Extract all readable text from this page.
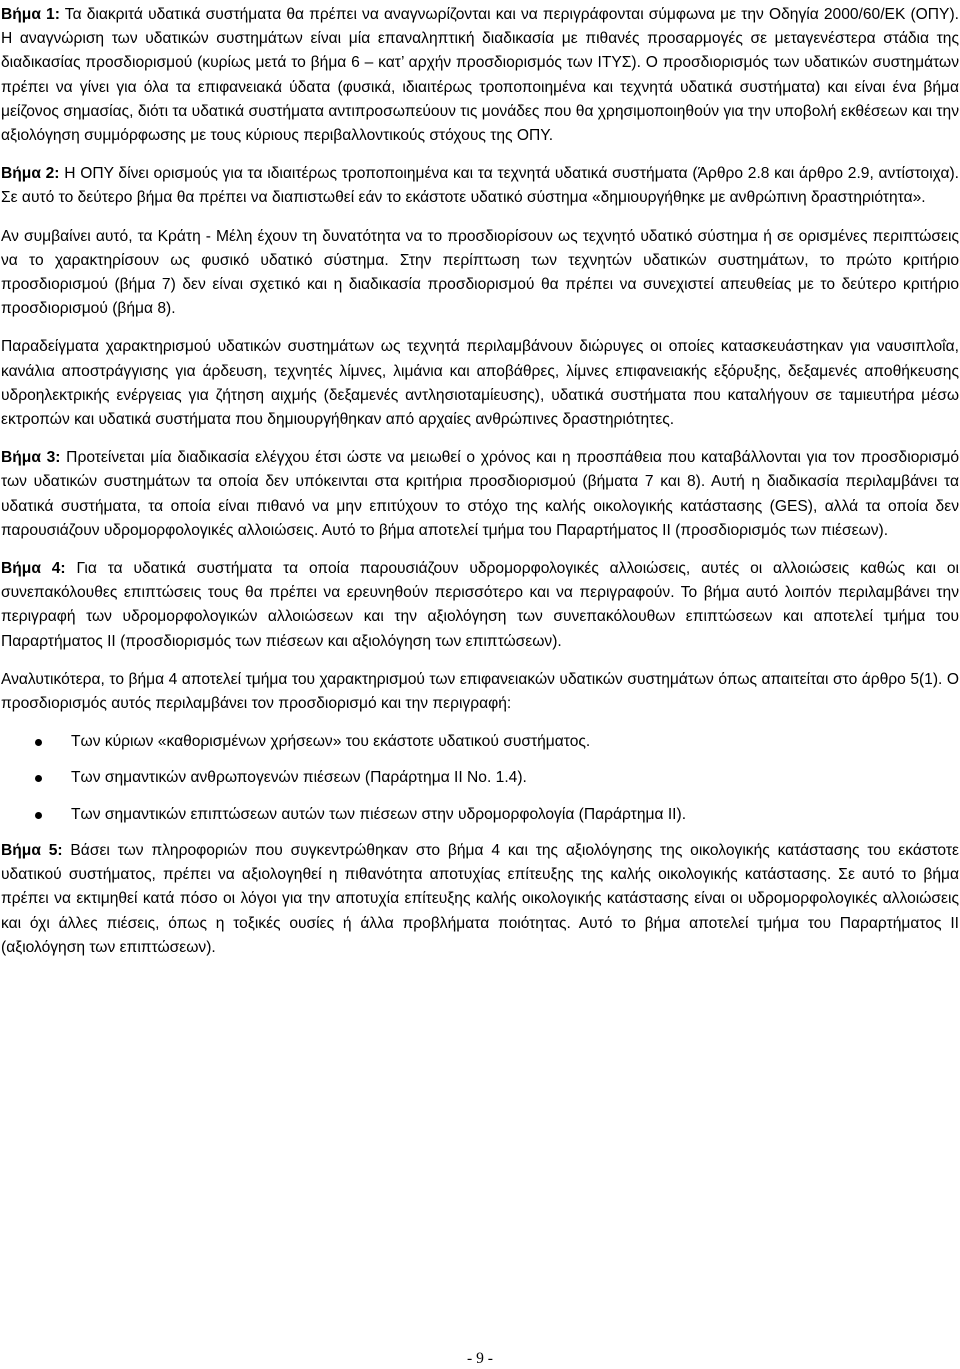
Βήμα 1: Τα διακριτά υδατικά συστήματα θα πρέπει να αναγνωρίζονται και να περιγράφονται σύμφωνα με την Οδηγία 2000/60/ΕΚ (ΟΠΥ). Η αναγνώριση των υδατικών συστημάτων είναι μία επαναληπτική διαδικασία με πιθανές προσαρμογές σε μεταγενέστερα στάδια της διαδικασίας προσδιορισμού (κυρίως μετά το βήμα 6 – κατ’ αρχήν προσδιορισμός των ΙΤΥΣ). Ο προσδιορισμός των υδατικών συστημάτων πρέπει να γίνει για όλα τα επιφανειακά ύδατα (φυσικά, ιδιαιτέρως τροποποιημένα και τεχνητά υδατικά συστήματα) και είναι ένα βήμα μείζονος σημασίας, διότι τα υδατικά συστήματα αντιπροσωπεύουν τις μονάδες που θα χρησιμοποιηθούν για την υποβολή εκθέσεων και την αξιολόγηση συμμόρφωσης με τους κύριους περιβαλλοντικούς στόχους της ΟΠΥ.

Βήμα 2: Η ΟΠΥ δίνει ορισμούς για τα ιδιαιτέρως τροποποιημένα και τα τεχνητά υδατικά συστήματα (Άρθρο 2.8 και άρθρο 2.9, αντίστοιχα). Σε αυτό το δεύτερο βήμα θα πρέπει να διαπιστωθεί εάν το εκάστοτε υδατικό σύστημα «δημιουργήθηκε με ανθρώπινη δραστηριότητα».

Αν συμβαίνει αυτό, τα Κράτη - Μέλη έχουν τη δυνατότητα να το προσδιορίσουν ως τεχνητό υδατικό σύστημα ή σε ορισμένες περιπτώσεις να το χαρακτηρίσουν ως φυσικό υδατικό σύστημα. Στην περίπτωση των τεχνητών υδατικών συστημάτων, το πρώτο κριτήριο προσδιορισμού (βήμα 7) δεν είναι σχετικό και η διαδικασία προσδιορισμού θα πρέπει να συνεχιστεί απευθείας με το δεύτερο κριτήριο προσδιορισμού (βήμα 8).

Παραδείγματα χαρακτηρισμού υδατικών συστημάτων ως τεχνητά περιλαμβάνουν διώρυγες οι οποίες κατασκευάστηκαν για ναυσιπλοΐα, κανάλια αποστράγγισης για άρδευση, τεχνητές λίμνες, λιμάνια και αποβάθρες, λίμνες επιφανειακής εξόρυξης, δεξαμενές αποθήκευσης υδροηλεκτρικής ενέργειας για ζήτηση αιχμής (δεξαμενές αντλησιοταμίευσης), υδατικά συστήματα που καταλήγουν σε ταμιευτήρα μέσω εκτροπών και υδατικά συστήματα που δημιουργήθηκαν από αρχαίες ανθρώπινες δραστηριότητες.

Βήμα 3: Προτείνεται μία διαδικασία ελέγχου έτσι ώστε να μειωθεί ο χρόνος και η προσπάθεια που καταβάλλονται για τον προσδιορισμό των υδατικών συστημάτων τα οποία δεν υπόκεινται στα κριτήρια προσδιορισμού (βήματα 7 και 8). Αυτή η διαδικασία περιλαμβάνει τα υδατικά συστήματα, τα οποία είναι πιθανό να μην επιτύχουν το στόχο της καλής οικολογικής κατάστασης (GES), αλλά τα οποία δεν παρουσιάζουν υδρομορφολογικές αλλοιώσεις. Αυτό το βήμα αποτελεί τμήμα του Παραρτήματος ΙΙ (προσδιορισμός των πιέσεων).

Βήμα 4: Για τα υδατικά συστήματα τα οποία παρουσιάζουν υδρομορφολογικές αλλοιώσεις, αυτές οι αλλοιώσεις καθώς και οι συνεπακόλουθες επιπτώσεις τους θα πρέπει να ερευνηθούν περισσότερο και να περιγραφούν. Το βήμα αυτό λοιπόν περιλαμβάνει την περιγραφή των υδρομορφολογικών αλλοιώσεων και την αξιολόγηση των συνεπακόλουθων επιπτώσεων και αποτελεί τμήμα του Παραρτήματος ΙΙ (προσδιορισμός των πιέσεων και αξιολόγηση των επιπτώσεων).

Αναλυτικότερα, το βήμα 4 αποτελεί τμήμα του χαρακτηρισμού των επιφανειακών υδατικών συστημάτων όπως απαιτείται στο άρθρο 5(1). Ο προσδιορισμός αυτός περιλαμβάνει τον προσδιορισμό και την περιγραφή:

Των κύριων «καθορισμένων χρήσεων» του εκάστοτε υδατικού συστήματος.
Των σημαντικών ανθρωπογενών πιέσεων (Παράρτημα ΙΙ No. 1.4).
Των σημαντικών επιπτώσεων αυτών των πιέσεων στην υδρομορφολογία (Παράρτημα ΙΙ).

Βήμα 5: Βάσει των πληροφοριών που συγκεντρώθηκαν στο βήμα 4 και της αξιολόγησης της οικολογικής κατάστασης του εκάστοτε υδατικού συστήματος, πρέπει να αξιολογηθεί η πιθανότητα αποτυχίας επίτευξης της καλής οικολογικής κατάστασης. Σε αυτό το βήμα πρέπει να εκτιμηθεί κατά πόσο οι λόγοι για την αποτυχία επίτευξης καλής οικολογικής κατάστασης είναι οι υδρομορφολογικές αλλοιώσεις και όχι άλλες πιέσεις, όπως η τοξικές ουσίες ή άλλα προβλήματα ποιότητας. Αυτό το βήμα αποτελεί τμήμα του Παραρτήματος ΙΙ (αξιολόγηση των επιπτώσεων).

- 9 -
